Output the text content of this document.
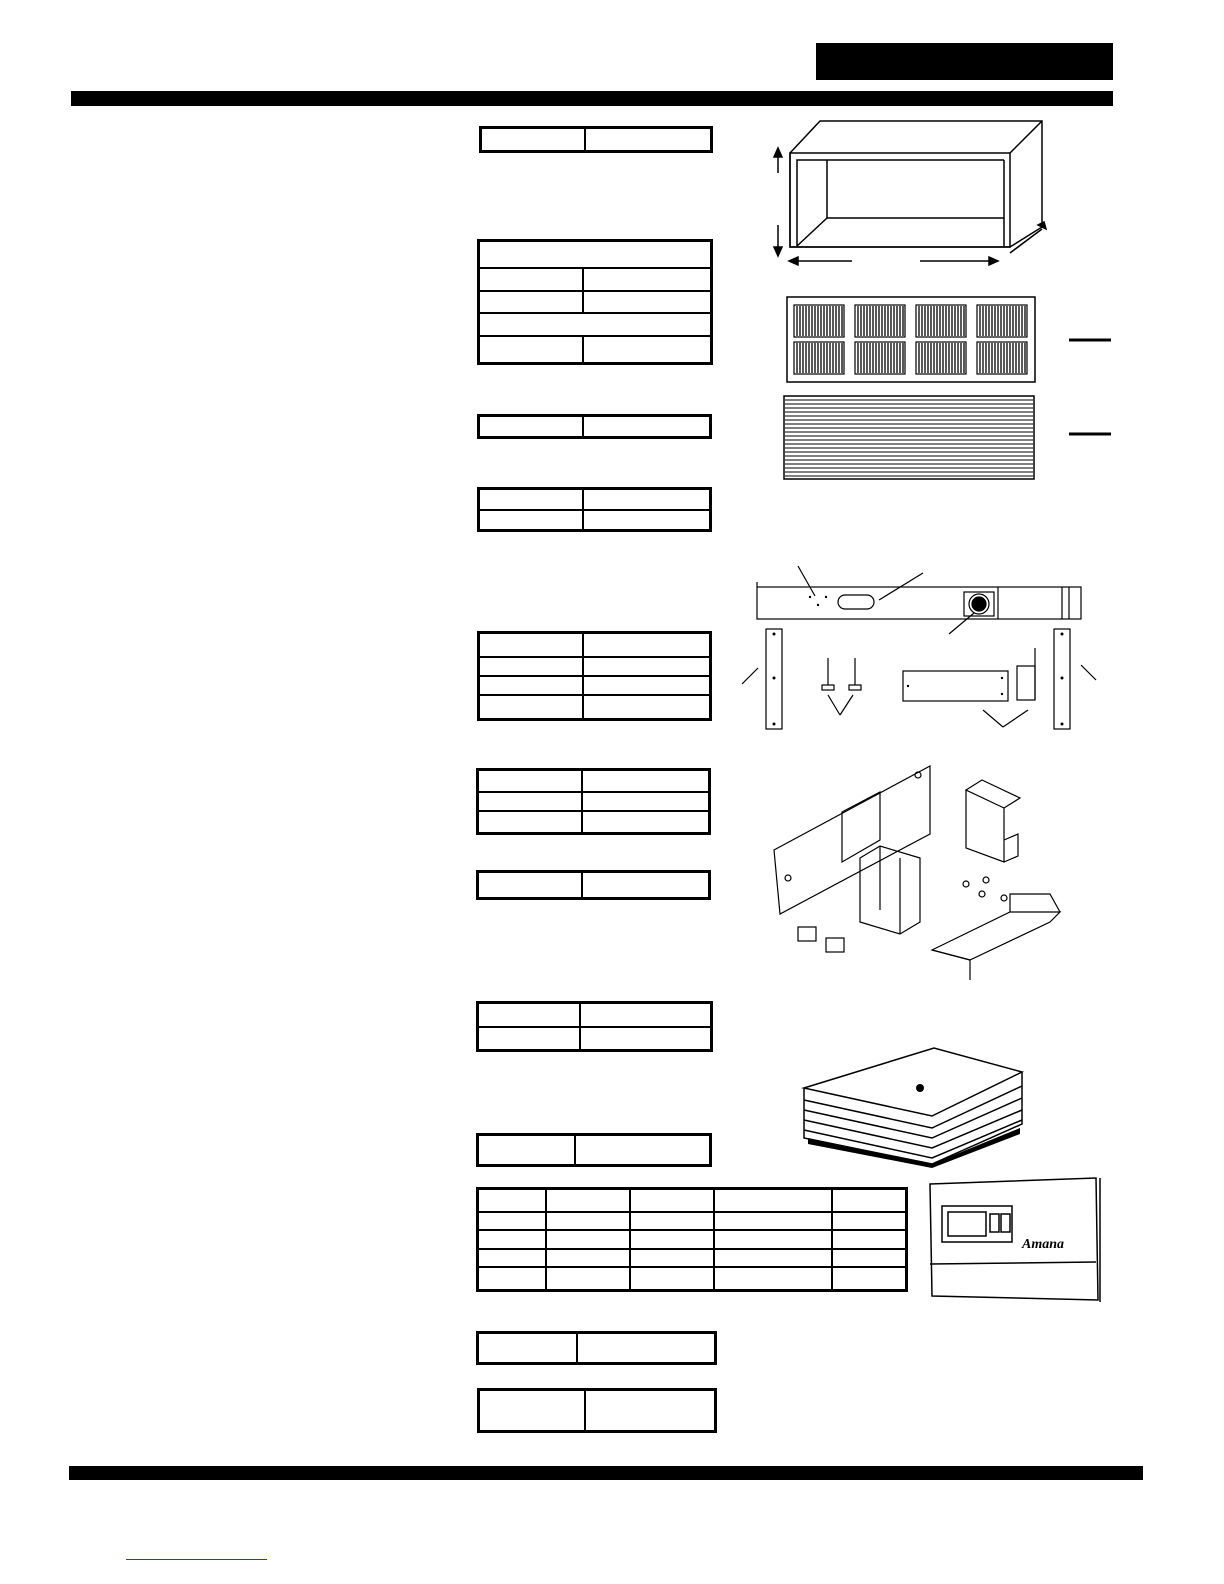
Amana
